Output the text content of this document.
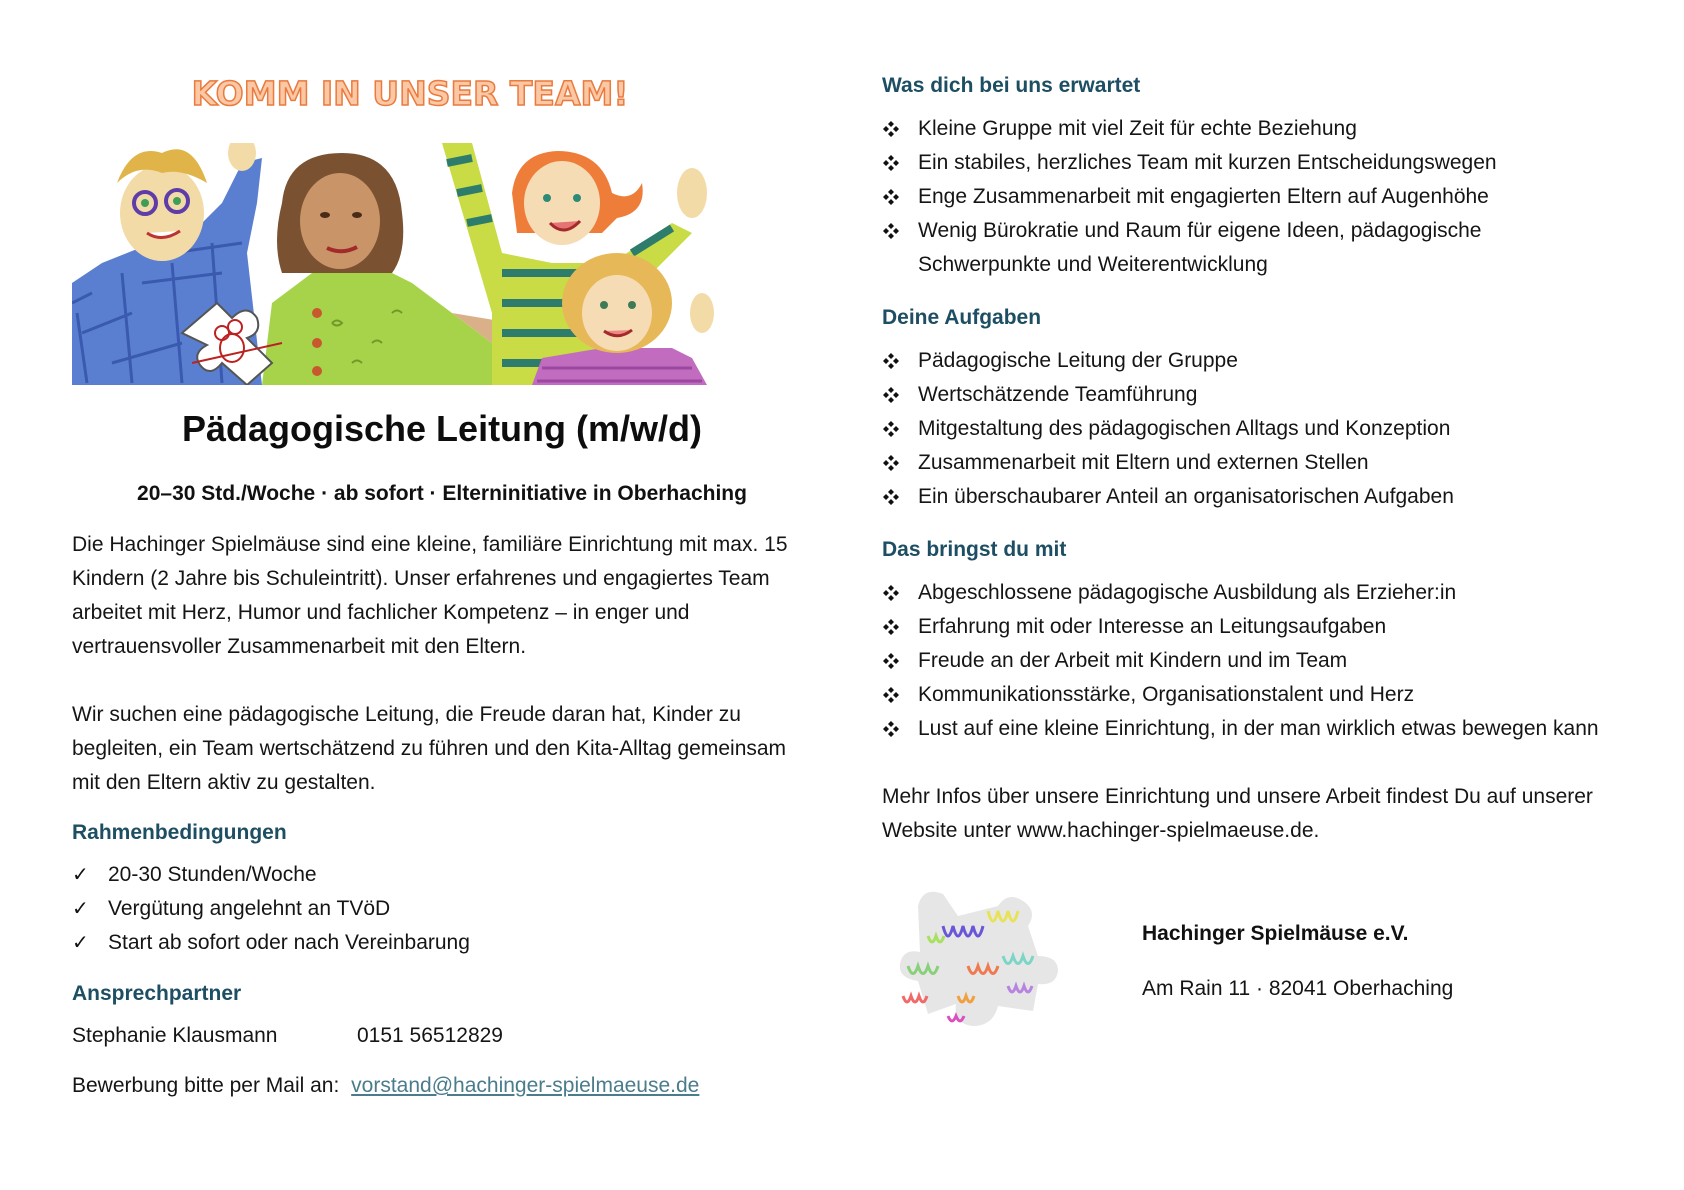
KOMM IN UNSER TEAM!
Pädagogische Leitung (m/w/d)
20–30 Std./Woche · ab sofort · Elterninitiative in Oberhaching
Die Hachinger Spielmäuse sind eine kleine, familiäre Einrichtung mit max. 15
Kindern (2 Jahre bis Schuleintritt). Unser erfahrenes und engagiertes Team
arbeitet mit Herz, Humor und fachlicher Kompetenz – in enger und
vertrauensvoller Zusammenarbeit mit den Eltern.
Wir suchen eine pädagogische Leitung, die Freude daran hat, Kinder zu
begleiten, ein Team wertschätzend zu führen und den Kita-Alltag gemeinsam
mit den Eltern aktiv zu gestalten.
Rahmenbedingungen
✓ 20-30 Stunden/Woche
✓ Vergütung angelehnt an TVöD
✓ Start ab sofort oder nach Vereinbarung
Ansprechpartner
Stephanie Klausmann	0151 56512829
Bewerbung bitte per Mail an: vorstand@hachinger-spielmaeuse.de
Was dich bei uns erwartet
Kleine Gruppe mit viel Zeit für echte Beziehung
Ein stabiles, herzliches Team mit kurzen Entscheidungswegen
Enge Zusammenarbeit mit engagierten Eltern auf Augenhöhe
Wenig Bürokratie und Raum für eigene Ideen, pädagogische
Schwerpunkte und Weiterentwicklung
Deine Aufgaben
Pädagogische Leitung der Gruppe
Wertschätzende Teamführung
Mitgestaltung des pädagogischen Alltags und Konzeption
Zusammenarbeit mit Eltern und externen Stellen
Ein überschaubarer Anteil an organisatorischen Aufgaben
Das bringst du mit
Abgeschlossene pädagogische Ausbildung als Erzieher:in
Erfahrung mit oder Interesse an Leitungsaufgaben
Freude an der Arbeit mit Kindern und im Team
Kommunikationsstärke, Organisationstalent und Herz
Lust auf eine kleine Einrichtung, in der man wirklich etwas bewegen kann
Mehr Infos über unsere Einrichtung und unsere Arbeit findest Du auf unserer
Website unter www.hachinger-spielmaeuse.de.
Hachinger Spielmäuse e.V.
Am Rain 11 · 82041 Oberhaching
